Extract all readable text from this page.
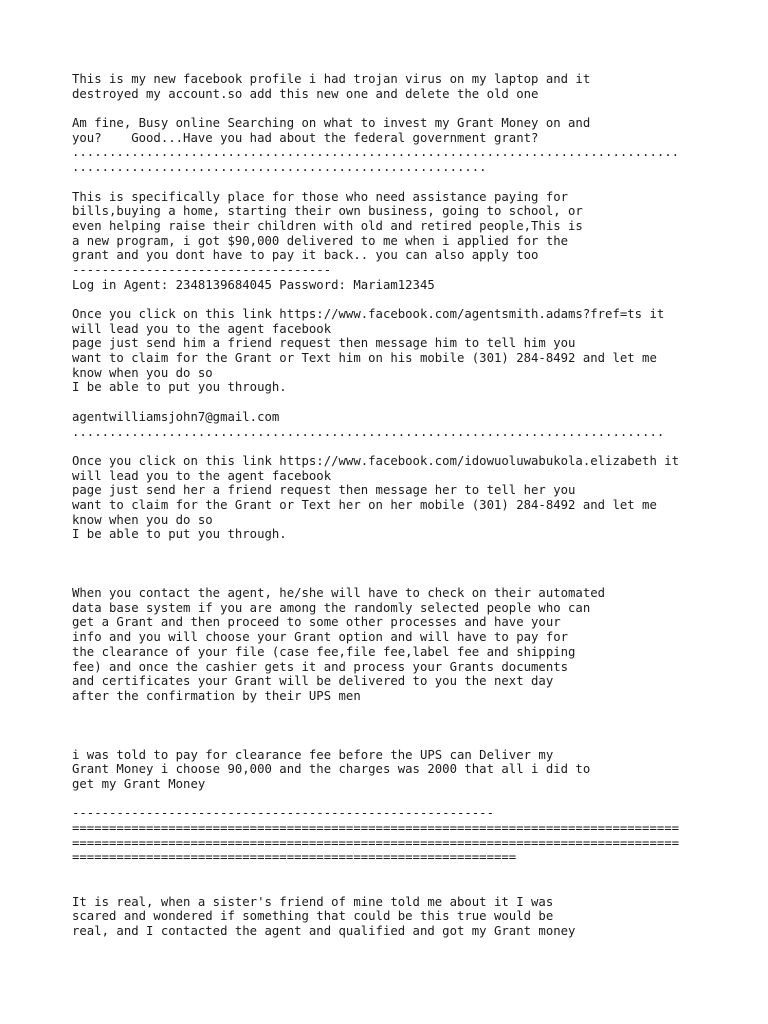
This is my new facebook profile i had trojan virus on my laptop and it
destroyed my account.so add this new one and delete the old one
Am fine, Busy online Searching on what to invest my Grant Money on and
you?    Good...Have you had about the federal government grant?
..................................................................................
........................................................
This is specifically place for those who need assistance paying for
bills,buying a home, starting their own business, going to school, or
even helping raise their children with old and retired people,This is
a new program, i got $90,000 delivered to me when i applied for the
grant and you dont have to pay it back.. you can also apply too
-----------------------------------
Log in Agent: 2348139684045 Password: Mariam12345
Once you click on this link https://www.facebook.com/agentsmith.adams?fref=ts it
will lead you to the agent facebook
page just send him a friend request then message him to tell him you
want to claim for the Grant or Text him on his mobile (301) 284-8492 and let me
know when you do so
I be able to put you through.
agentwilliamsjohn7@gmail.com
................................................................................
Once you click on this link https://www.facebook.com/idowuoluwabukola.elizabeth it
will lead you to the agent facebook
page just send her a friend request then message her to tell her you
want to claim for the Grant or Text her on her mobile (301) 284-8492 and let me
know when you do so
I be able to put you through.
When you contact the agent, he/she will have to check on their automated
data base system if you are among the randomly selected people who can
get a Grant and then proceed to some other processes and have your
info and you will choose your Grant option and will have to pay for
the clearance of your file (case fee,file fee,label fee and shipping
fee) and once the cashier gets it and process your Grants documents
and certificates your Grant will be delivered to you the next day
after the confirmation by their UPS men
i was told to pay for clearance fee before the UPS can Deliver my
Grant Money i choose 90,000 and the charges was 2000 that all i did to
get my Grant Money
---------------------------------------------------------
==================================================================================
==================================================================================
============================================================
It is real, when a sister's friend of mine told me about it I was
scared and wondered if something that could be this true would be
real, and I contacted the agent and qualified and got my Grant money
